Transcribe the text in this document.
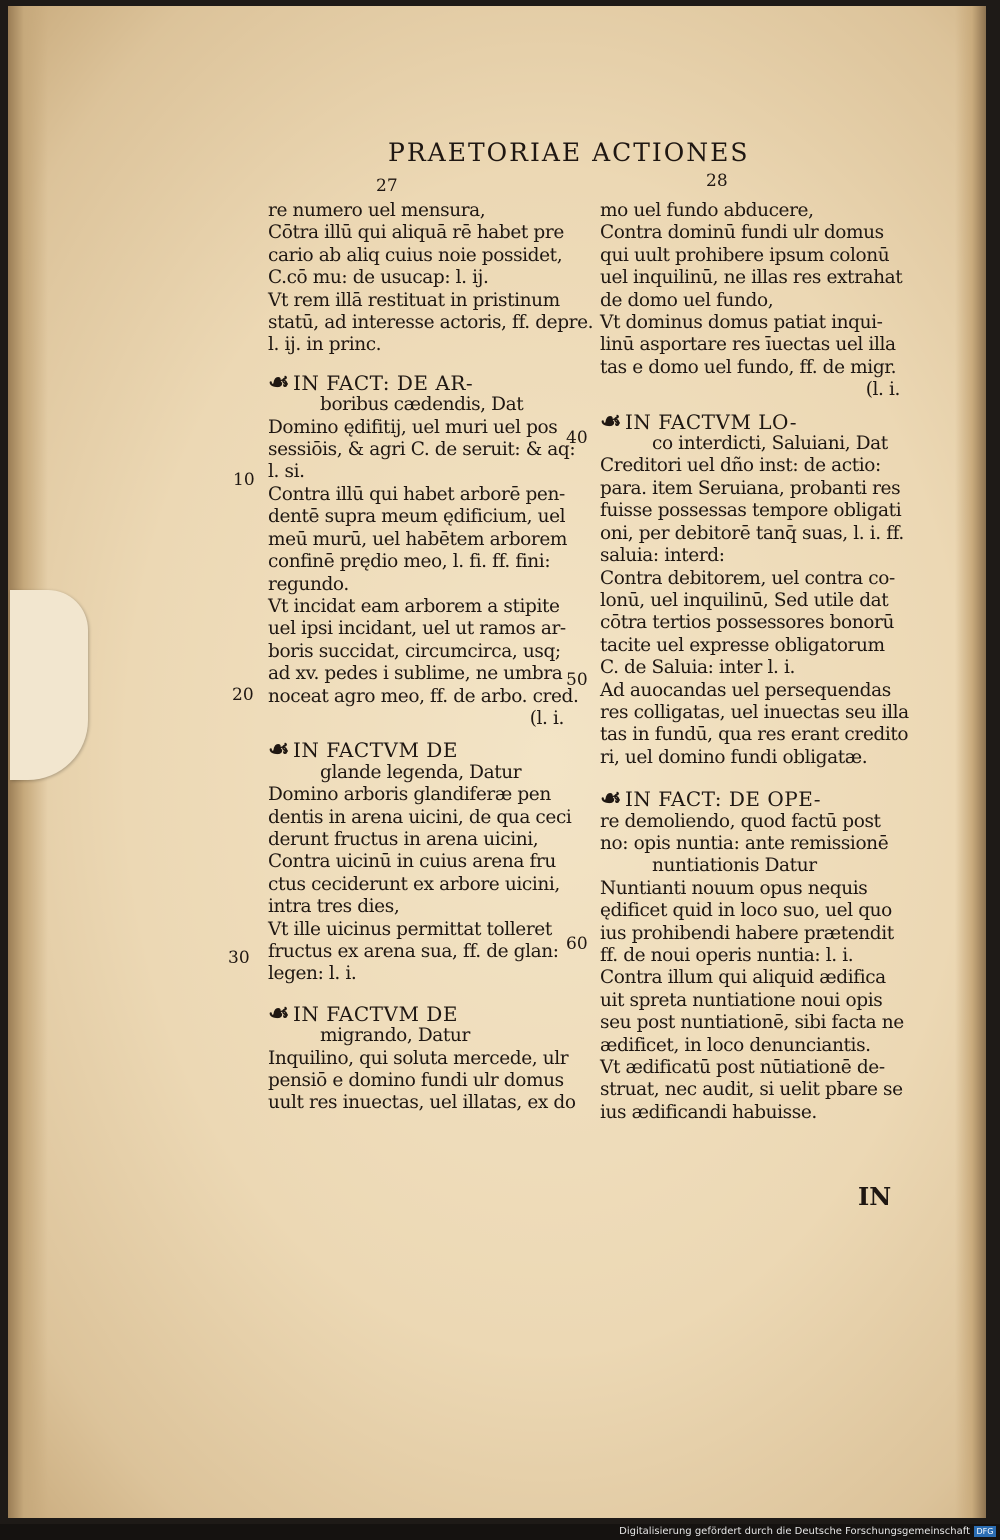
PRAETORIAE ACTIONES
27	28
10
20
30
40
50
60
re numero uel mensura,
Cōtra illū qui aliquā rē habet pre
cario ab aliq cuius noie possidet,
C.cō mu: de usucap: l. ij.
Vt rem illā restituat in pristinum
statū, ad interesse actoris, ff. depre.
l. ij. in princ.
☙ IN FACT: DE AR-
boribus cædendis, Dat
Domino ędifitij, uel muri uel pos
sessiōis, & agri C. de seruit: & aq:
l. si.
Contra illū qui habet arborē pen-
dentē supra meum ędificium, uel
meū murū, uel habētem arborem
confinē prędio meo, l. fi. ff. fini:
regundo.
Vt incidat eam arborem a stipite
uel ipsi incidant, uel ut ramos ar-
boris succidat, circumcirca, usq;
ad xv. pedes i sublime, ne umbra
noceat agro meo, ff. de arbo. cred.
(l. i.
☙ IN FACTVM DE
glande legenda, Datur
Domino arboris glandiferæ pen
dentis in arena uicini, de qua ceci
derunt fructus in arena uicini,
Contra uicinū in cuius arena fru
ctus ceciderunt ex arbore uicini,
intra tres dies,
Vt ille uicinus permittat tolleret
fructus ex arena sua, ff. de glan:
legen: l. i.
☙ IN FACTVM DE
migrando, Datur
Inquilino, qui soluta mercede, ulr
pensiō e domino fundi ulr domus
uult res inuectas, uel illatas, ex do
mo uel fundo abducere,
Contra dominū fundi ulr domus
qui uult prohibere ipsum colonū
uel inquilinū, ne illas res extrahat
de domo uel fundo,
Vt dominus domus patiat inqui-
linū asportare res īuectas uel illa
tas e domo uel fundo, ff. de migr.
(l. i.
☙ IN FACTVM LO-
co interdicti, Saluiani, Dat
Creditori uel dño inst: de actio:
para. item Seruiana, probanti res
fuisse possessas tempore obligati
oni, per debitorē tanq̄ suas, l. i. ff.
saluia: interd:
Contra debitorem, uel contra co-
lonū, uel inquilinū, Sed utile dat
cōtra tertios possessores bonorū
tacite uel expresse obligatorum
C. de Saluia: inter l. i.
Ad auocandas uel persequendas
res colligatas, uel inuectas seu illa
tas in fundū, qua res erant credito
ri, uel domino fundi obligatæ.
☙ IN FACT: DE OPE-
re demoliendo, quod factū post
no: opis nuntia: ante remissionē
nuntiationis Datur
Nuntianti nouum opus nequis
ędificet quid in loco suo, uel quo
ius prohibendi habere prætendit
ff. de noui operis nuntia: l. i.
Contra illum qui aliquid ædifica
uit spreta nuntiatione noui opis
seu post nuntiationē, sibi facta ne
ædificet, in loco denunciantis.
Vt ædificatū post nūtiationē de-
struat, nec audit, si uelit pbare se
ius ædificandi habuisse.
IN
Digitalisierung gefördert durch die Deutsche Forschungsgemeinschaft DFG
